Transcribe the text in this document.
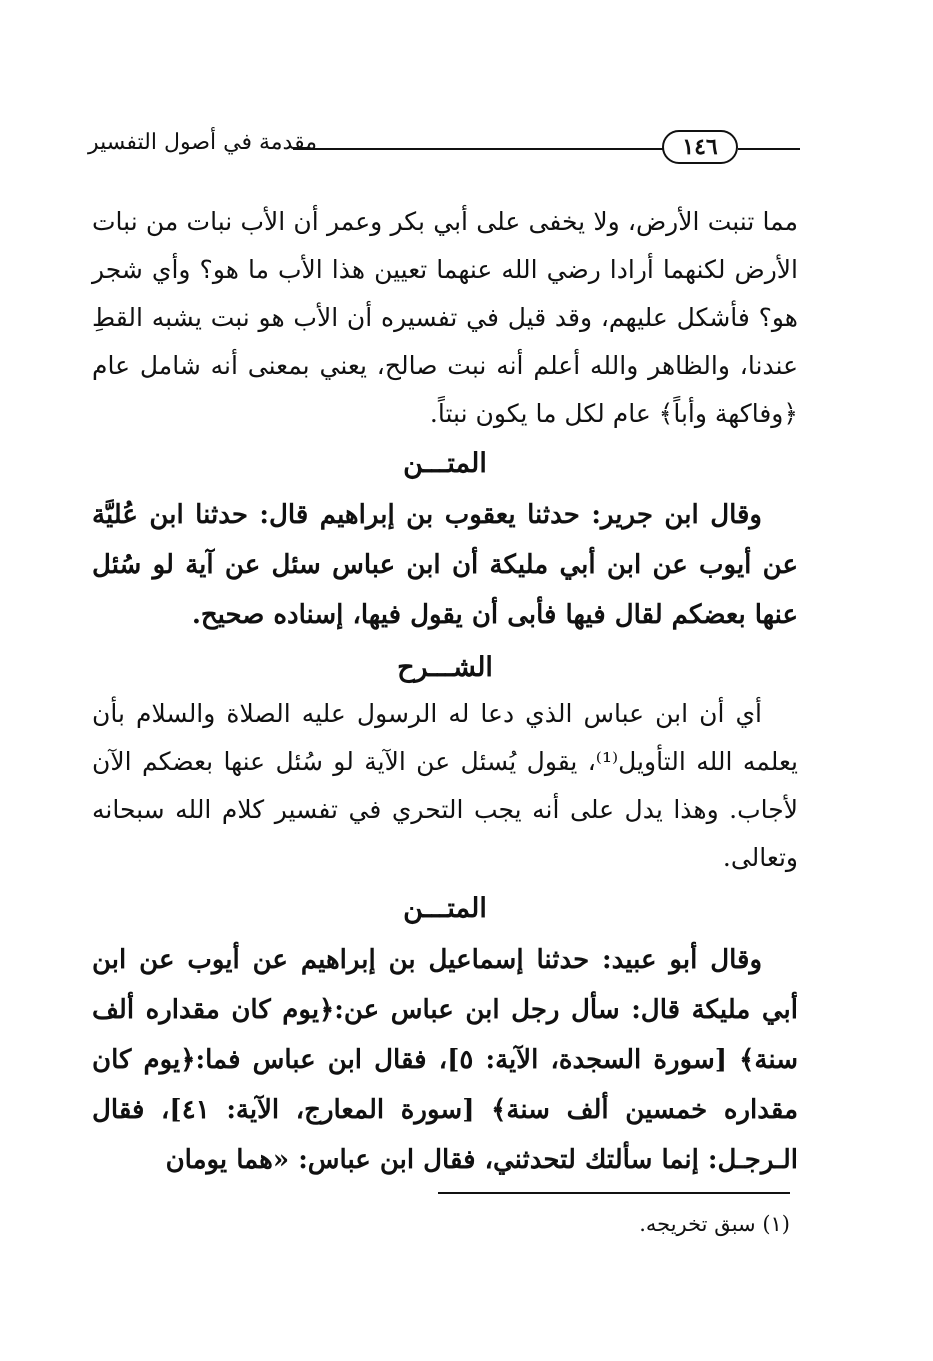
١٤٦
مقدمة في أصول التفسير

مما تنبت الأرض، ولا يخفى على أبي بكر وعمر أن الأب نبات من نبات الأرض لكنهما أرادا رضي الله عنهما تعيين هذا الأب ما هو؟ وأي شجر هو؟ فأشكل عليهم، وقد قيل في تفسيره أن الأب هو نبت يشبه القطِ عندنا، والظاهر والله أعلم أنه نبت صالح، يعني بمعنى أنه شامل عام ﴿وفاكهة وأباً﴾ عام لكل ما يكون نبتاً.

المتـــن

وقال ابن جرير: حدثنا يعقوب بن إبراهيم قال: حدثنا ابن عُليَّة عن أيوب عن ابن أبي مليكة أن ابن عباس سئل عن آية لو سُئل عنها بعضكم لقال فيها فأبى أن يقول فيها، إسناده صحيح.

الشـــرح

أي أن ابن عباس الذي دعا له الرسول عليه الصلاة والسلام بأن يعلمه الله التأويل⁽¹⁾، يقول يُسئل عن الآية لو سُئل عنها بعضكم الآن لأجاب. وهذا يدل على أنه يجب التحري في تفسير كلام الله سبحانه وتعالى.

المتـــن

وقال أبو عبيد: حدثنا إسماعيل بن إبراهيم عن أيوب عن ابن أبي مليكة قال: سأل رجل ابن عباس عن:﴿يوم كان مقداره ألف سنة﴾ [سورة السجدة، الآية: ٥]، فقال ابن عباس فما:﴿يوم كان مقداره خمسين ألف سنة﴾ [سورة المعارج، الآية: ٤١]، فقال الـرجـل: إنما سألتك لتحدثني، فقال ابن عباس: «هما يومان

(١) سبق تخريجه.
